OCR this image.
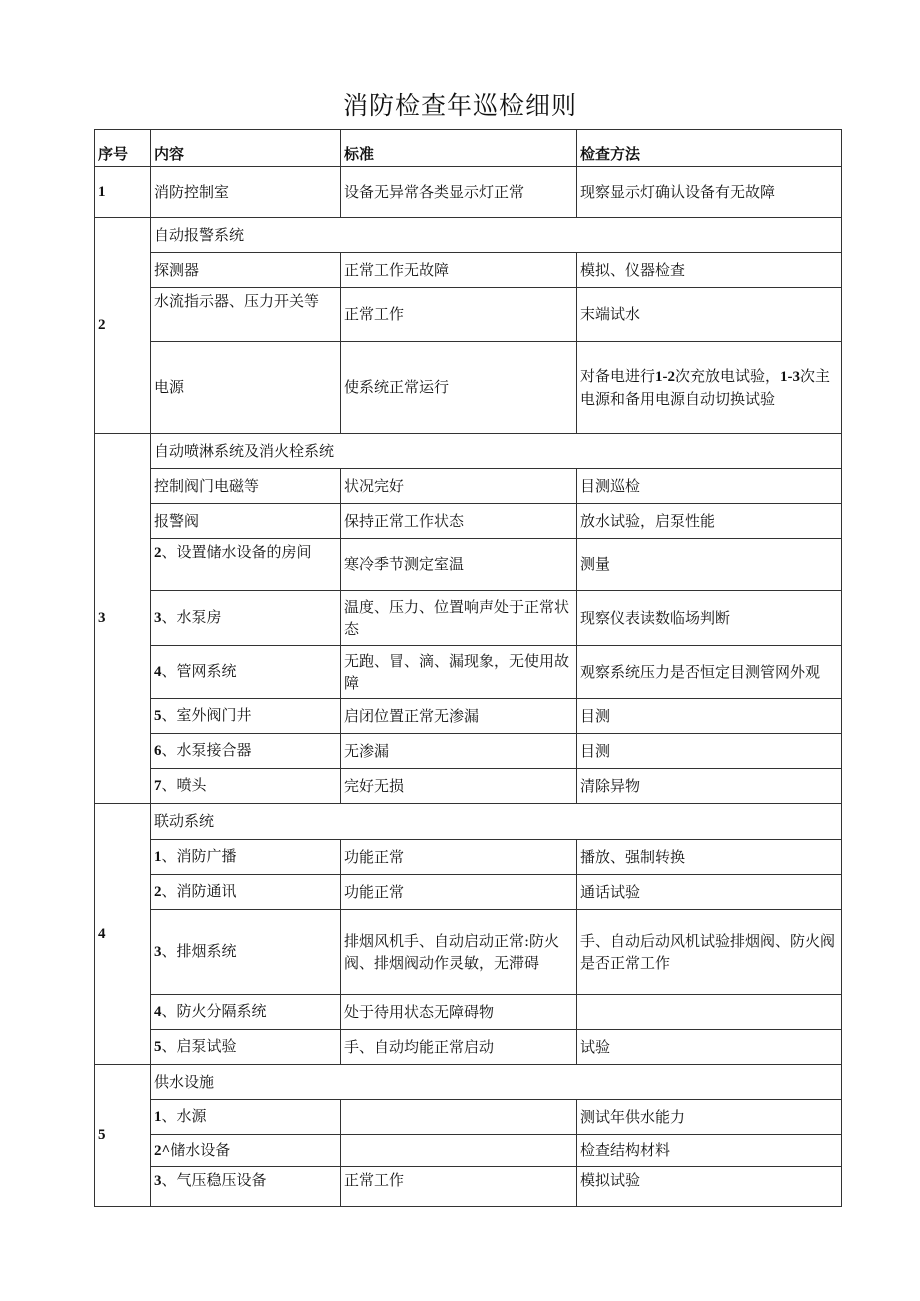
消防检查年巡检细则
序号	内容	标准	检查方法
1	消防控制室	设备无异常各类显示灯正常	现察显示灯确认设备有无故障
2	自动报警系统		
	探测器	正常工作无故障	模拟、仪器检查
	水流指示器、压力开关等	正常工作	末端试水
	电源	使系统正常运行	对备电进行1-2次充放电试验，1-3次主电源和备用电源自动切换试验
3	自动喷淋系统及消火栓系统		
	控制阀门电磁等	状况完好	目测巡检
	报警阀	保持正常工作状态	放水试验，启泵性能
	2、设置储水设备的房间	寒冷季节测定室温	测量
	3、水泵房	温度、压力、位置响声处于正常状态	现察仪表读数临场判断
	4、管网系统	无跑、冒、滴、漏现象，无使用故障	观察系统压力是否恒定目测管网外观
	5、室外阀门井	启闭位置正常无渗漏	目测
	6、水泵接合器	无渗漏	目测
	7、喷头	完好无损	清除异物
4	联动系统		
	1、消防广播	功能正常	播放、强制转换
	2、消防通讯	功能正常	通话试验
	3、排烟系统	排烟风机手、自动启动正常:防火阀、排烟阀动作灵敏，无滞碍	手、自动后动风机试验排烟阀、防火阀是否正常工作
	4、防火分隔系统	处于待用状态无障碍物	
	5、启泵试验	手、自动均能正常启动	试验
5	供水设施		
	1、水源		测试年供水能力
	2^储水设备		检查结构材料
	3、气压稳压设备	正常工作	模拟试验
